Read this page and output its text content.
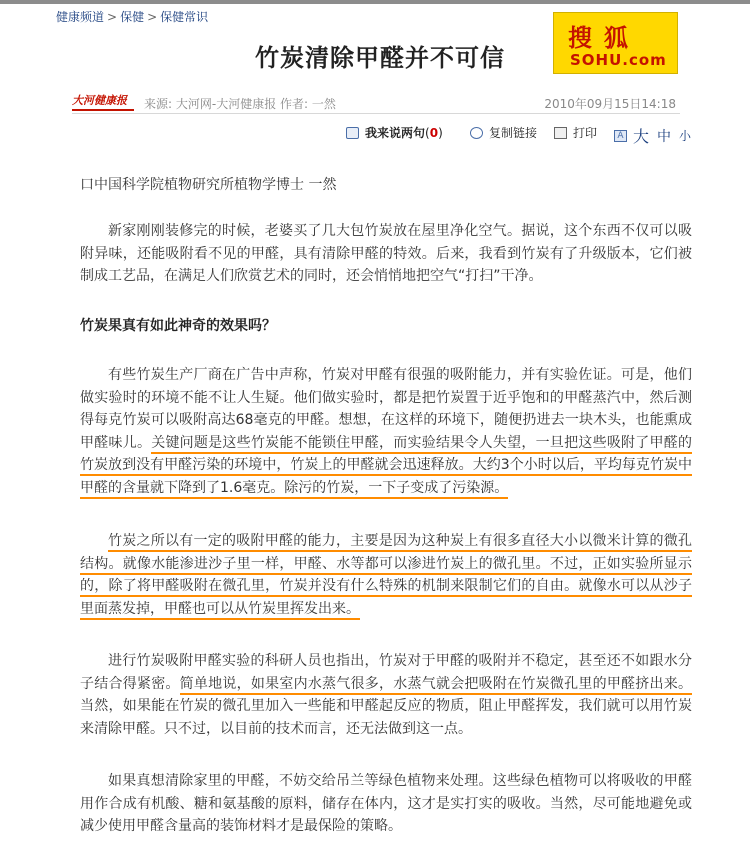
健康频道 > 保健 > 保健常识
竹炭清除甲醛并不可信
搜狐
SOHU.com
大河健康报	来源: 大河网-大河健康报 作者: 一然	2010年09月15日14:18
我来说两句 ( 0 )	复制链接	打印	A 大 中 小

口中国科学院植物研究所植物学博士 一然

新家刚刚装修完的时候，老婆买了几大包竹炭放在屋里净化空气。据说，这个东西不仅可以吸附异味，还能吸附看不见的甲醛，具有清除甲醛的特效。后来，我看到竹炭有了升级版本，它们被制成工艺品，在满足人们欣赏艺术的同时，还会悄悄地把空气“打扫”干净。

竹炭果真有如此神奇的效果吗？

有些竹炭生产厂商在广告中声称，竹炭对甲醛有很强的吸附能力，并有实验佐证。可是，他们做实验时的环境不能不让人生疑。他们做实验时，都是把竹炭置于近乎饱和的甲醛蒸汽中，然后测得每克竹炭可以吸附高达68毫克的甲醛。想想，在这样的环境下，随便扔进去一块木头，也能熏成甲醛味儿。关键问题是这些竹炭能不能锁住甲醛，而实验结果令人失望，一旦把这些吸附了甲醛的竹炭放到没有甲醛污染的环境中，竹炭上的甲醛就会迅速释放。大约3个小时以后，平均每克竹炭中甲醛的含量就下降到了1.6毫克。除污的竹炭，一下子变成了污染源。

竹炭之所以有一定的吸附甲醛的能力，主要是因为这种炭上有很多直径大小以微米计算的微孔结构。就像水能渗进沙子里一样，甲醛、水等都可以渗进竹炭上的微孔里。不过，正如实验所显示的，除了将甲醛吸附在微孔里，竹炭并没有什么特殊的机制来限制它们的自由。就像水可以从沙子里面蒸发掉，甲醛也可以从竹炭里挥发出来。

进行竹炭吸附甲醛实验的科研人员也指出，竹炭对于甲醛的吸附并不稳定，甚至还不如跟水分子结合得紧密。简单地说，如果室内水蒸气很多，水蒸气就会把吸附在竹炭微孔里的甲醛挤出来。当然，如果能在竹炭的微孔里加入一些能和甲醛起反应的物质，阻止甲醛挥发，我们就可以用竹炭来清除甲醛。只不过，以目前的技术而言，还无法做到这一点。

如果真想清除家里的甲醛，不妨交给吊兰等绿色植物来处理。这些绿色植物可以将吸收的甲醛用作合成有机酸、糖和氨基酸的原料，储存在体内，这才是实打实的吸收。当然，尽可能地避免或减少使用甲醛含量高的装饰材料才是最保险的策略。
